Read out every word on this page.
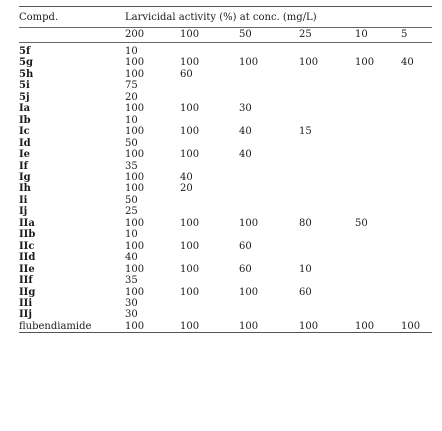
Compd.	Larvicidal activity (%) at conc. (mg/L)					
	200	100	50	25	10	5
5f	10					
5g	100	100	100	100	100	40
5h	100	60				
5i	75					
5j	20					
Ia	100	100	30			
Ib	10					
Ic	100	100	40	15		
Id	50					
Ie	100	100	40			
If	35					
Ig	100	40				
Ih	100	20				
Ii	50					
Ij	25					
IIa	100	100	100	80	50	
IIb	10					
IIc	100	100	60			
IId	40					
IIe	100	100	60	10		
IIf	35					
IIg	100	100	100	60		
IIi	30					
IIj	30					
flubendiamide	100	100	100	100	100	100
